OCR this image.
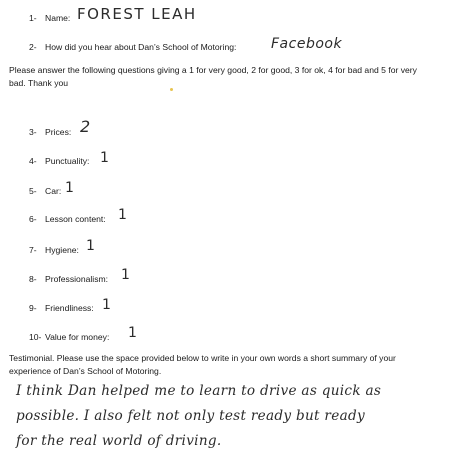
1- Name: FOREST LEAH
2- How did you hear about Dan’s School of Motoring: Facebook
Please answer the following questions giving a 1 for very good, 2 for good, 3 for ok, 4 for bad and 5 for very
bad. Thank you
3- Prices: 2
4- Punctuality: 1
5- Car: 1
6- Lesson content: 1
7- Hygiene: 1
8- Professionalism: 1
9- Friendliness: 1
10- Value for money: 1
Testimonial. Please use the space provided below to write in your own words a short summary of your
experience of Dan’s School of Motoring.
I think Dan helped me to learn to drive as quick as
possible. I also felt not only test ready but ready
for the real world of driving.
